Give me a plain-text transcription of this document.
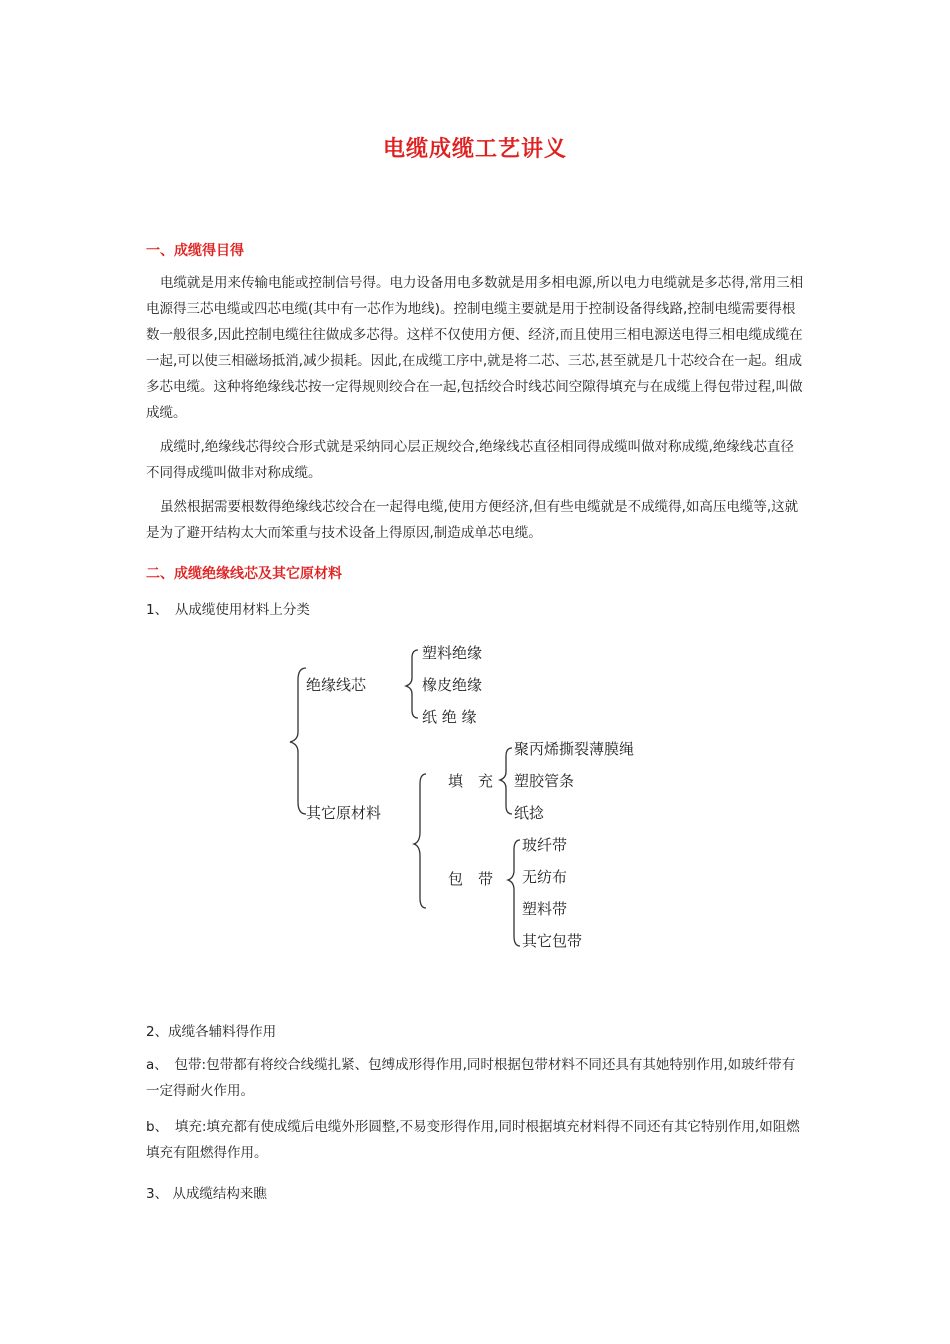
电缆成缆工艺讲义
一、成缆得目得
电缆就是用来传输电能或控制信号得。电力设备用电多数就是用多相电源,所以电力电缆就是多芯得,常用三相电源得三芯电缆或四芯电缆(其中有一芯作为地线)。控制电缆主要就是用于控制设备得线路,控制电缆需要得根数一般很多,因此控制电缆往往做成多芯得。这样不仅使用方便、经济,而且使用三相电源送电得三相电缆成缆在一起,可以使三相磁场抵消,减少损耗。因此,在成缆工序中,就是将二芯、三芯,甚至就是几十芯绞合在一起。组成多芯电缆。这种将绝缘线芯按一定得规则绞合在一起,包括绞合时线芯间空隙得填充与在成缆上得包带过程,叫做成缆。
成缆时,绝缘线芯得绞合形式就是采纳同心层正规绞合,绝缘线芯直径相同得成缆叫做对称成缆,绝缘线芯直径不同得成缆叫做非对称成缆。
虽然根据需要根数得绝缘线芯绞合在一起得电缆,使用方便经济,但有些电缆就是不成缆得,如高压电缆等,这就是为了避开结构太大而笨重与技术设备上得原因,制造成单芯电缆。
二、成缆绝缘线芯及其它原材料
1、　从成缆使用材料上分类
绝缘线芯
塑料绝缘
橡皮绝缘
纸 绝 缘
其它原材料
填　充
聚丙烯撕裂薄膜绳
塑胶管条
纸捻
包　带
玻纤带
无纺布
塑料带
其它包带
2、成缆各辅料得作用
a、　包带:包带都有将绞合线缆扎紧、包缚成形得作用,同时根据包带材料不同还具有其她特别作用,如玻纤带有一定得耐火作用。
b、　填充:填充都有使成缆后电缆外形圆整,不易变形得作用,同时根据填充材料得不同还有其它特别作用,如阻燃填充有阻燃得作用。
3、 从成缆结构来瞧
